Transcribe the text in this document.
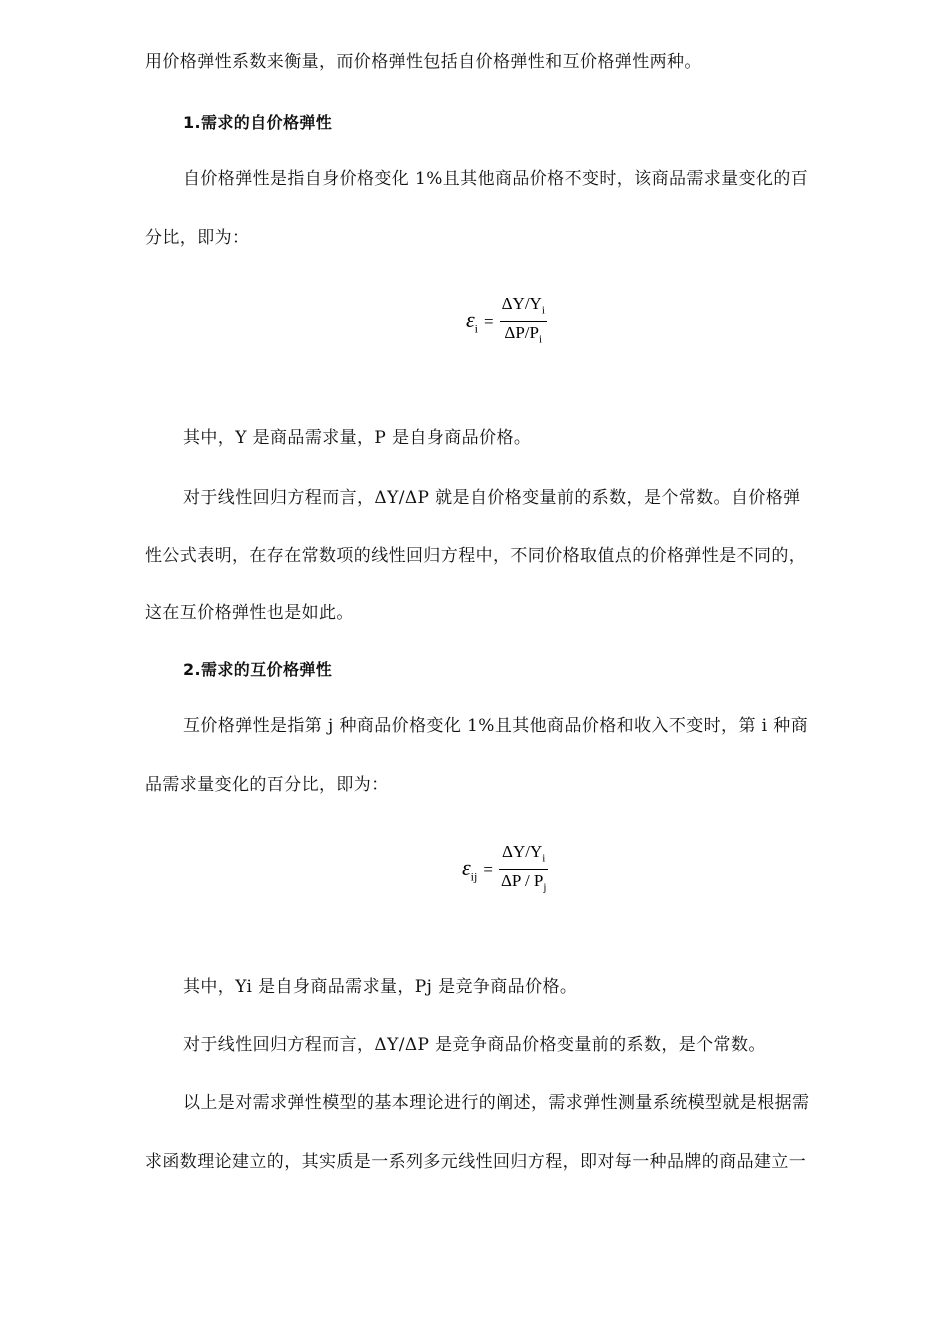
用价格弹性系数来衡量，而价格弹性包括自价格弹性和互价格弹性两种。
1.需求的自价格弹性
自价格弹性是指自身价格变化 1%且其他商品价格不变时，该商品需求量变化的百
分比，即为：
$\varepsilon_i = \frac{\Delta Y/Y_i}{\Delta P/P_i}$
其中，Y 是商品需求量，P 是自身商品价格。
对于线性回归方程而言，ΔY/ΔP 就是自价格变量前的系数，是个常数。自价格弹
性公式表明，在存在常数项的线性回归方程中，不同价格取值点的价格弹性是不同的，
这在互价格弹性也是如此。
2.需求的互价格弹性
互价格弹性是指第 j 种商品价格变化 1%且其他商品价格和收入不变时，第 i 种商
品需求量变化的百分比，即为：
$\varepsilon_{ij} = \frac{\Delta Y/Y_i}{\Delta P / P_j}$
其中，Yi 是自身商品需求量，Pj 是竞争商品价格。
对于线性回归方程而言，ΔY/ΔP 是竞争商品价格变量前的系数，是个常数。
以上是对需求弹性模型的基本理论进行的阐述，需求弹性测量系统模型就是根据需
求函数理论建立的，其实质是一系列多元线性回归方程，即对每一种品牌的商品建立一
